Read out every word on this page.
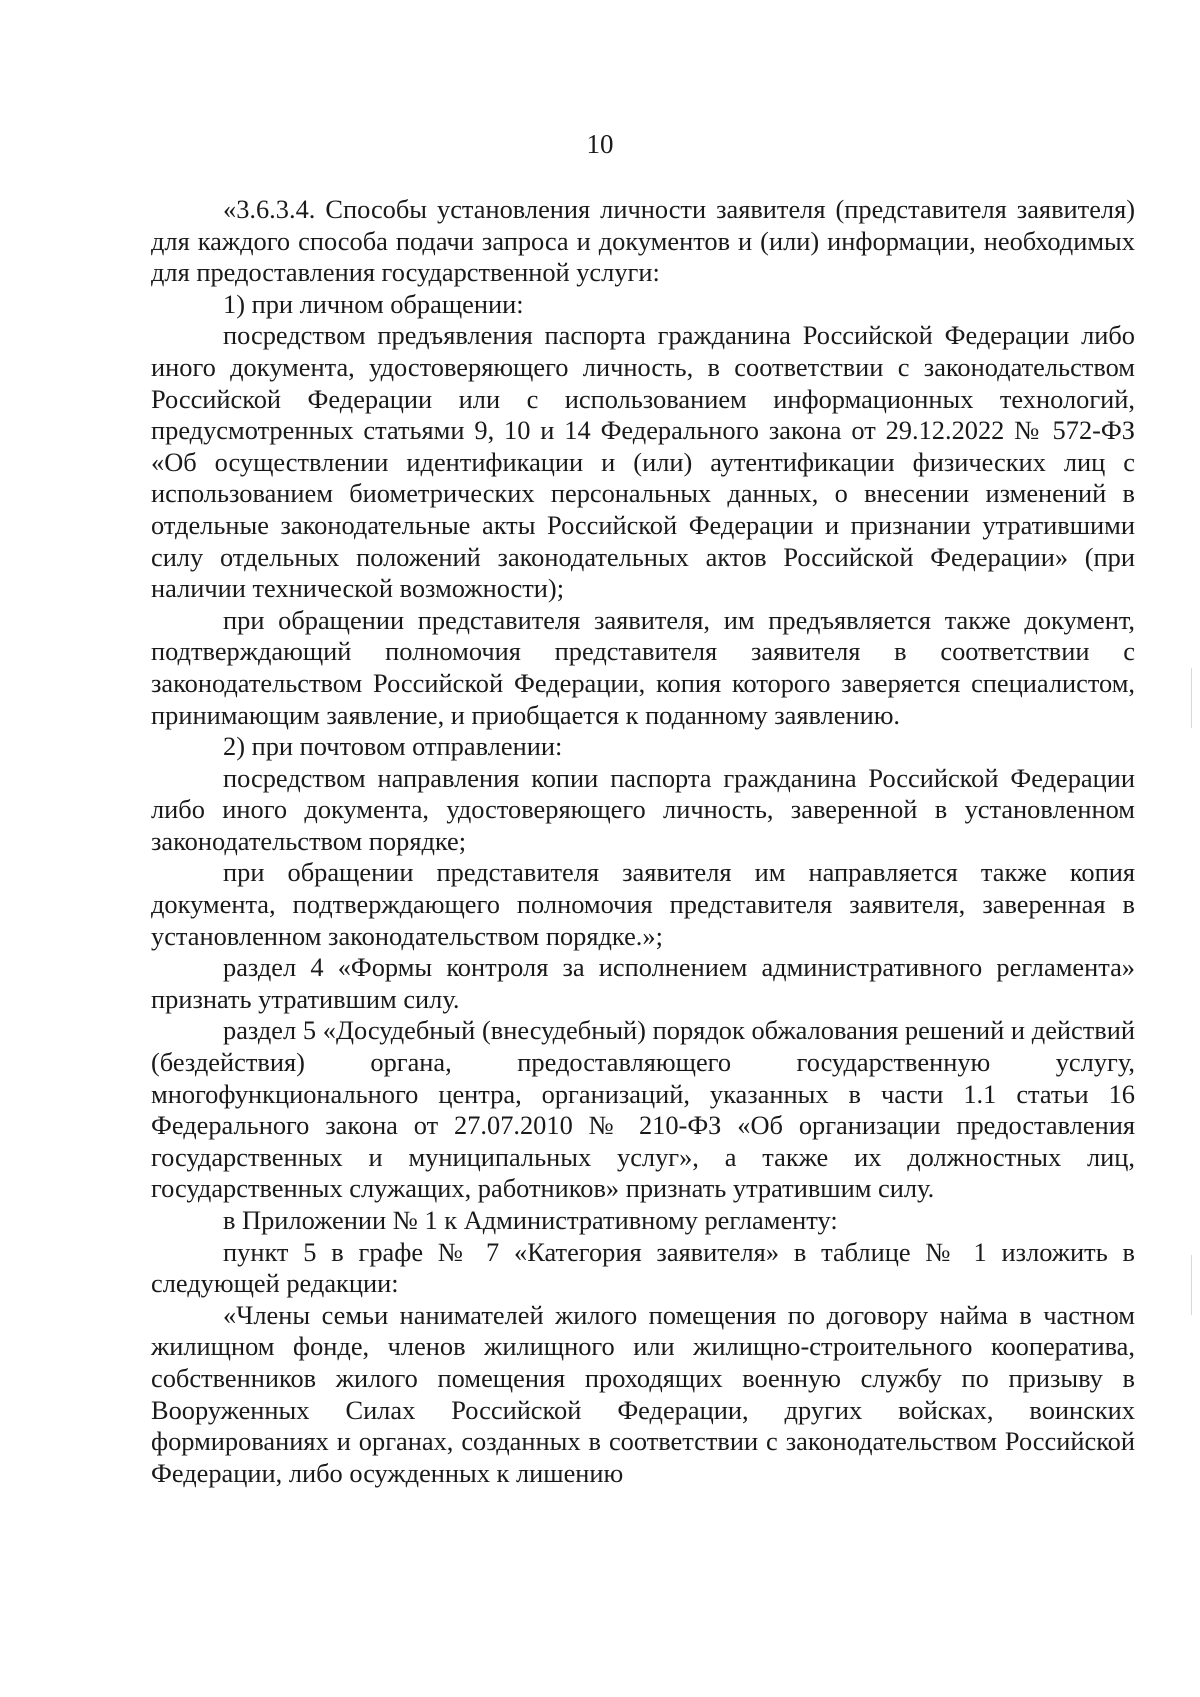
10

«3.6.3.4. Способы установления личности заявителя (представителя заявителя) для каждого способа подачи запроса и документов и (или) информации, необходимых для предоставления государственной услуги:

1) при личном обращении:

посредством предъявления паспорта гражданина Российской Федерации либо иного документа, удостоверяющего личность, в соответствии с законодательством Российской Федерации или с использованием информационных технологий, предусмотренных статьями 9, 10 и 14 Федерального закона от 29.12.2022 № 572-ФЗ «Об осуществлении идентификации и (или) аутентификации физических лиц с использованием биометрических персональных данных, о внесении изменений в отдельные законодательные акты Российской Федерации и признании утратившими силу отдельных положений законодательных актов Российской Федерации» (при наличии технической возможности);

при обращении представителя заявителя, им предъявляется также документ, подтверждающий полномочия представителя заявителя в соответствии с законодательством Российской Федерации, копия которого заверяется специалистом, принимающим заявление, и приобщается к поданному заявлению.

2) при почтовом отправлении:

посредством направления копии паспорта гражданина Российской Федерации либо иного документа, удостоверяющего личность, заверенной в установленном законодательством порядке;

при обращении представителя заявителя им направляется также копия документа, подтверждающего полномочия представителя заявителя, заверенная в установленном законодательством порядке.»;

раздел 4 «Формы контроля за исполнением административного регламента» признать утратившим силу.

раздел 5 «Досудебный (внесудебный) порядок обжалования решений и действий (бездействия) органа, предоставляющего государственную услугу, многофункционального центра, организаций, указанных в части 1.1 статьи 16 Федерального закона от 27.07.2010 № 210-ФЗ «Об организации предоставления государственных и муниципальных услуг», а также их должностных лиц, государственных служащих, работников» признать утратившим силу.

в Приложении № 1 к Административному регламенту:

пункт 5 в графе № 7 «Категория заявителя» в таблице № 1 изложить в следующей редакции:

«Члены семьи нанимателей жилого помещения по договору найма в частном жилищном фонде, членов жилищного или жилищно-строительного кооператива, собственников жилого помещения проходящих военную службу по призыву в Вооруженных Силах Российской Федерации, других войсках, воинских формированиях и органах, созданных в соответствии с законодательством Российской Федерации, либо осужденных к лишению
